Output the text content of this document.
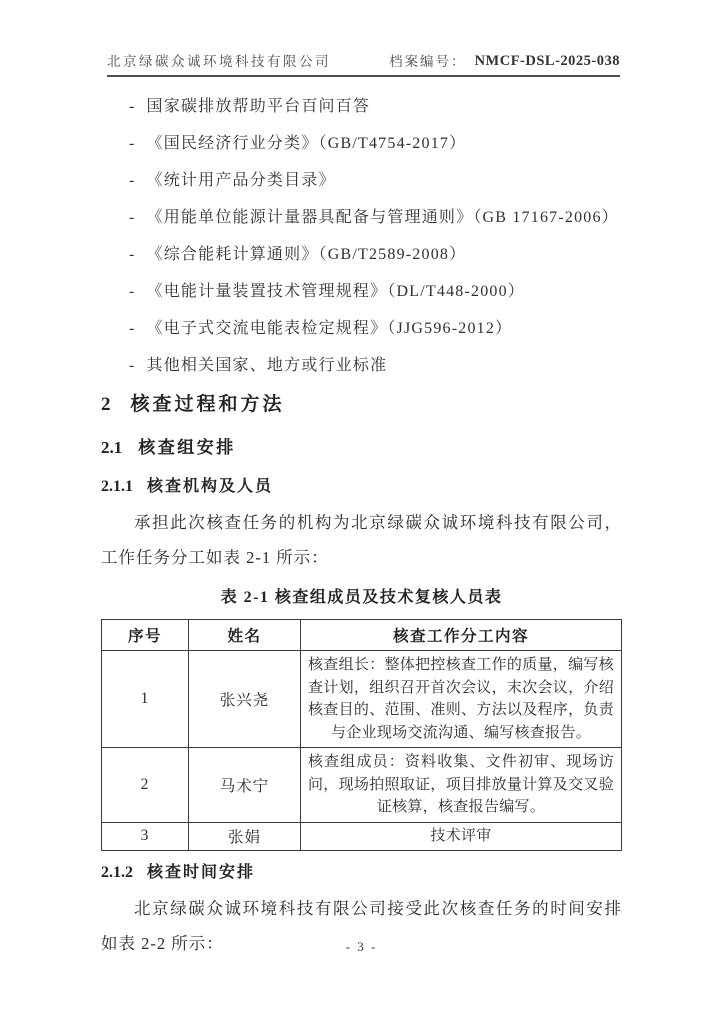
北京绿碳众诚环境科技有限公司	档案编号： NMCF-DSL-2025-038
- 国家碳排放帮助平台百问百答
- 《国民经济行业分类》（GB/T4754-2017）
- 《统计用产品分类目录》
- 《用能单位能源计量器具配备与管理通则》（GB 17167-2006）
- 《综合能耗计算通则》（GB/T2589-2008）
- 《电能计量装置技术管理规程》（DL/T448-2000）
- 《电子式交流电能表检定规程》（JJG596-2012）
- 其他相关国家、地方或行业标准
2 核查过程和方法
2.1 核查组安排
2.1.1 核查机构及人员

承担此次核查任务的机构为北京绿碳众诚环境科技有限公司，工作任务分工如表 2-1 所示：

表 2-1 核查组成员及技术复核人员表
序号	姓名	核查工作分工内容
1	张兴尧	核查组长：整体把控核查工作的质量，编写核查计划，组织召开首次会议，末次会议，介绍核查目的、范围、准则、方法以及程序，负责与企业现场交流沟通、编写核查报告。
2	马术宁	核查组成员：资料收集、文件初审、现场访问，现场拍照取证，项目排放量计算及交叉验证核算，核查报告编写。
3	张娟	技术评审
2.1.2 核查时间安排

北京绿碳众诚环境科技有限公司接受此次核查任务的时间安排如表 2-2 所示：	- 3 -
